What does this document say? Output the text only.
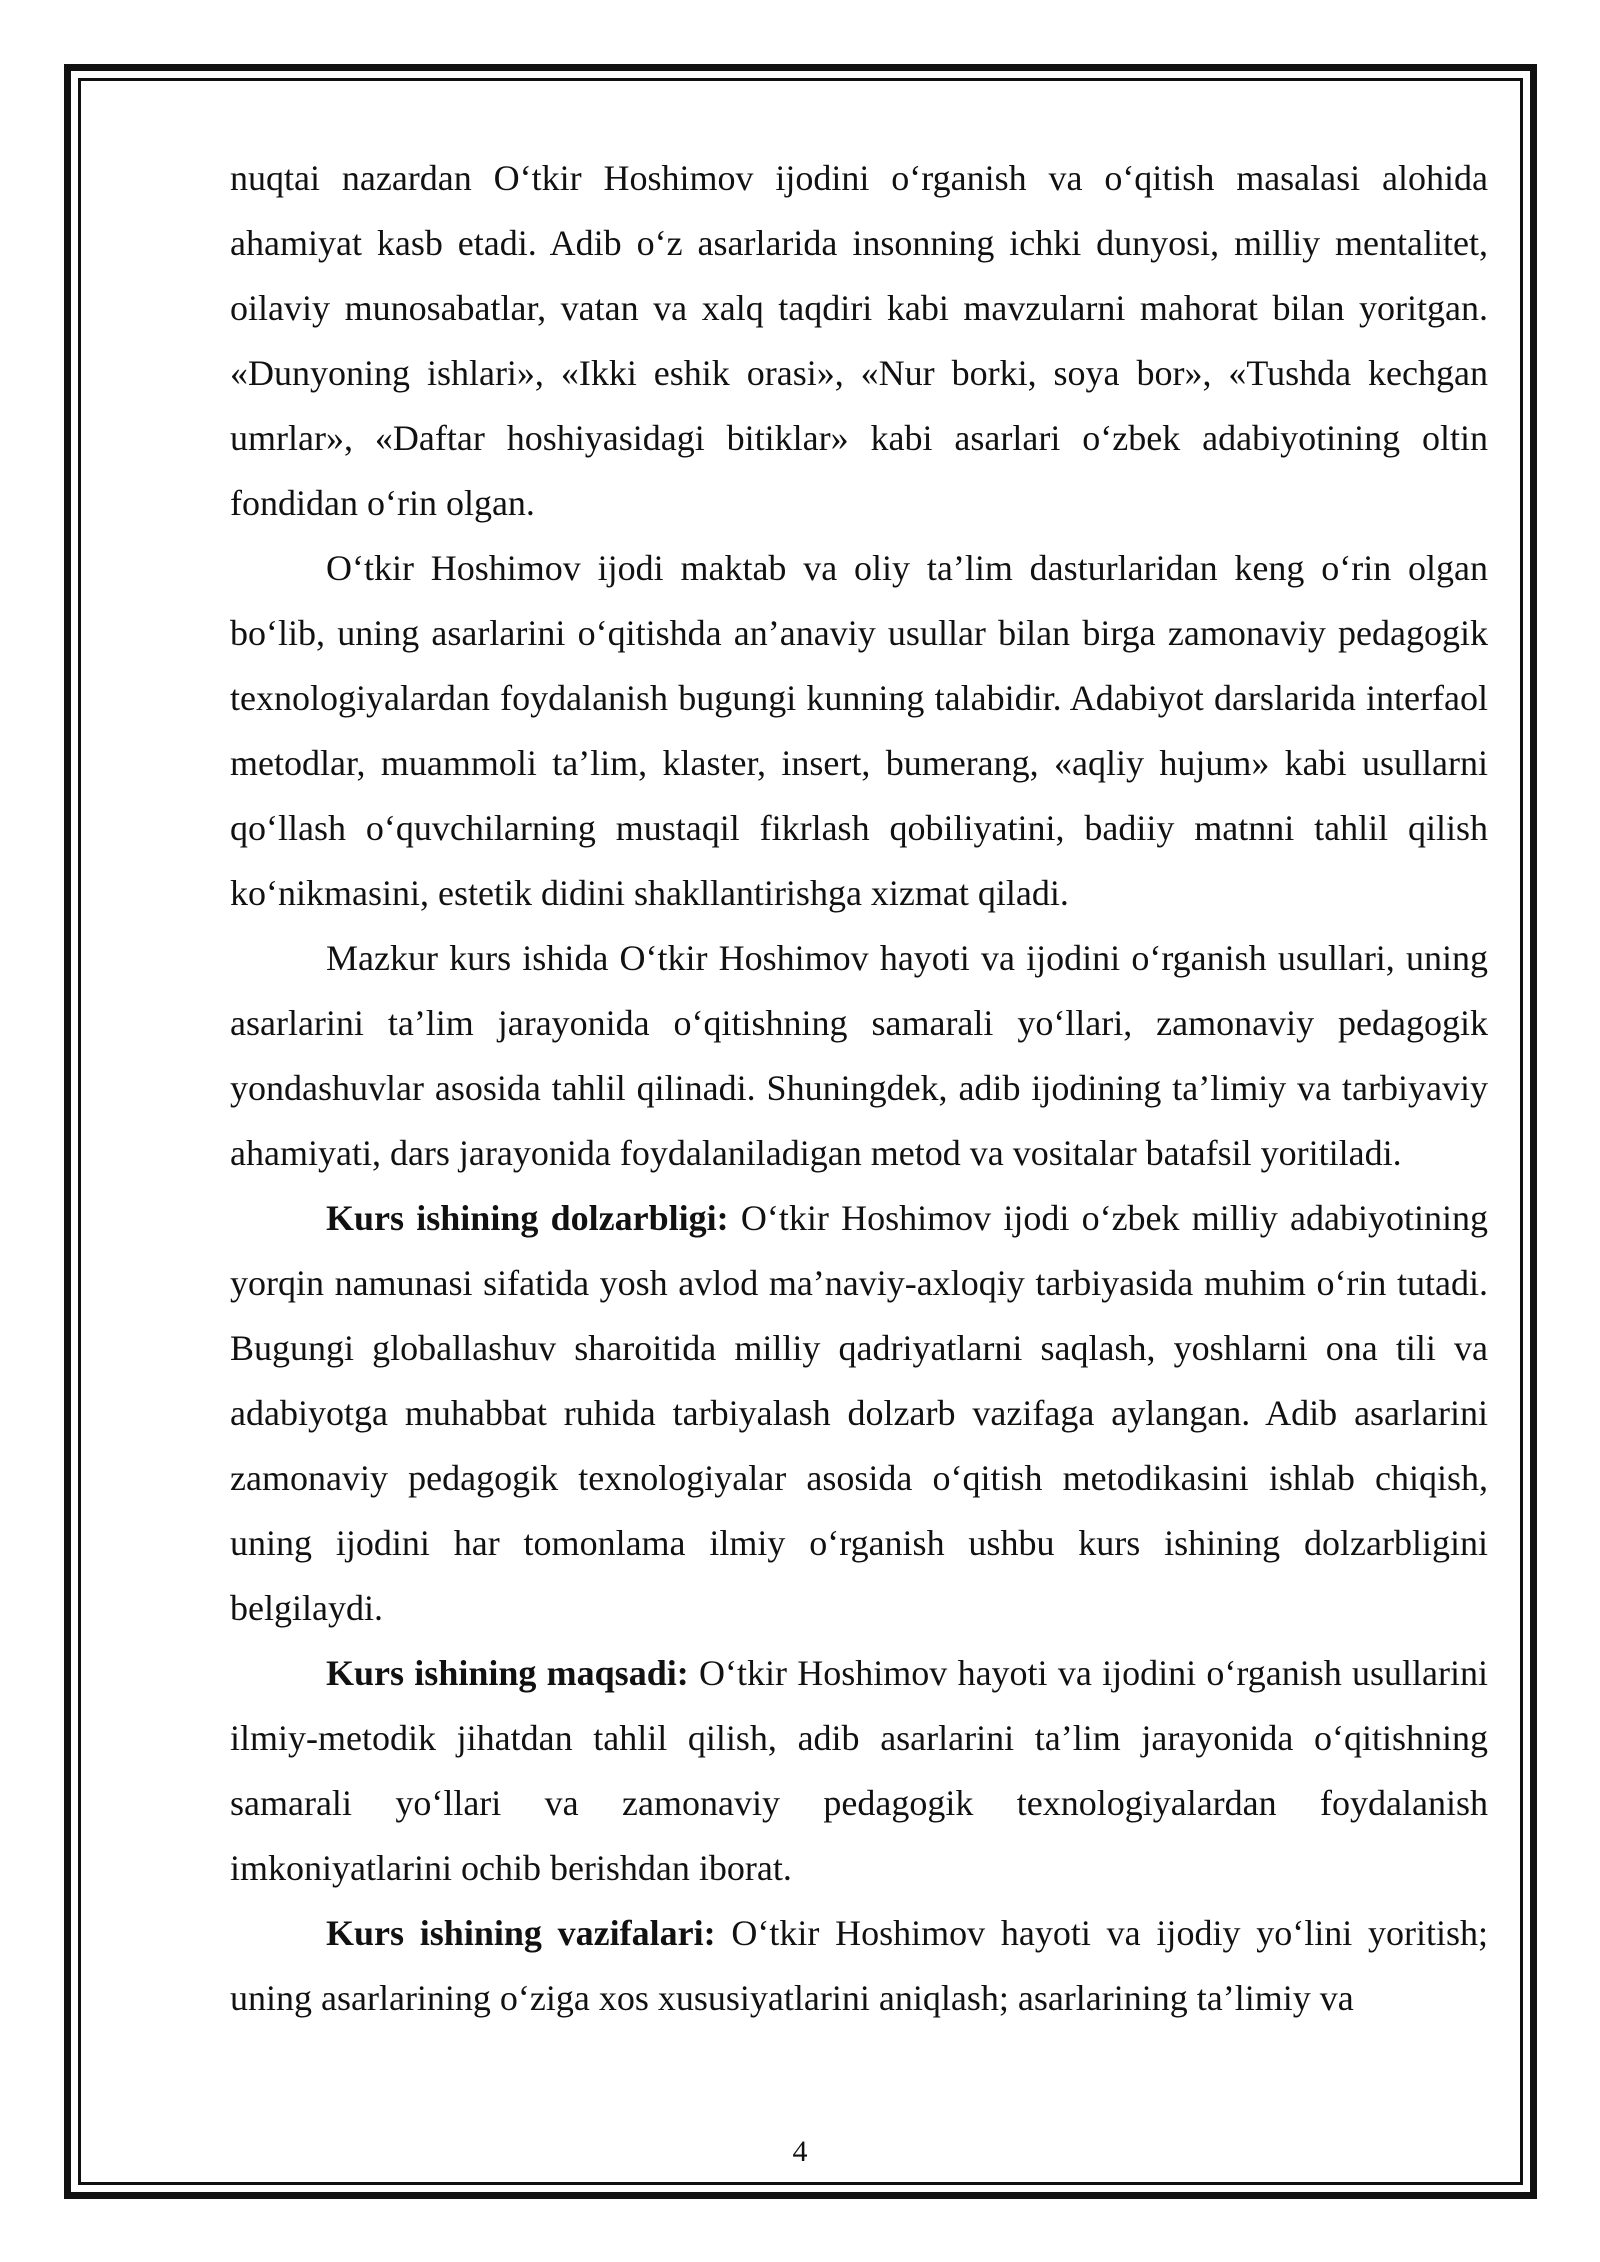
nuqtai nazardan O‘tkir Hoshimov ijodini o‘rganish va o‘qitish masalasi alohida ahamiyat kasb etadi. Adib o‘z asarlarida insonning ichki dunyosi, milliy mentalitet, oilaviy munosabatlar, vatan va xalq taqdiri kabi mavzularni mahorat bilan yoritgan. «Dunyoning ishlari», «Ikki eshik orasi», «Nur borki, soya bor», «Tushda kechgan umrlar», «Daftar hoshiyasidagi bitiklar» kabi asarlari o‘zbek adabiyotining oltin fondidan o‘rin olgan.

O‘tkir Hoshimov ijodi maktab va oliy ta’lim dasturlaridan keng o‘rin olgan bo‘lib, uning asarlarini o‘qitishda an’anaviy usullar bilan birga zamonaviy pedagogik texnologiyalardan foydalanish bugungi kunning talabidir. Adabiyot darslarida interfaol metodlar, muammoli ta’lim, klaster, insert, bumerang, «aqliy hujum» kabi usullarni qo‘llash o‘quvchilarning mustaqil fikrlash qobiliyatini, badiiy matnni tahlil qilish ko‘nikmasini, estetik didini shakllantirishga xizmat qiladi.

Mazkur kurs ishida O‘tkir Hoshimov hayoti va ijodini o‘rganish usullari, uning asarlarini ta’lim jarayonida o‘qitishning samarali yo‘llari, zamonaviy pedagogik yondashuvlar asosida tahlil qilinadi. Shuningdek, adib ijodining ta’limiy va tarbiyaviy ahamiyati, dars jarayonida foydalaniladigan metod va vositalar batafsil yoritiladi.

Kurs ishining dolzarbligi: O‘tkir Hoshimov ijodi o‘zbek milliy adabiyotining yorqin namunasi sifatida yosh avlod ma’naviy-axloqiy tarbiyasida muhim o‘rin tutadi. Bugungi globallashuv sharoitida milliy qadriyatlarni saqlash, yoshlarni ona tili va adabiyotga muhabbat ruhida tarbiyalash dolzarb vazifaga aylangan. Adib asarlarini zamonaviy pedagogik texnologiyalar asosida o‘qitish metodikasini ishlab chiqish, uning ijodini har tomonlama ilmiy o‘rganish ushbu kurs ishining dolzarbligini belgilaydi.

Kurs ishining maqsadi: O‘tkir Hoshimov hayoti va ijodini o‘rganish usullarini ilmiy-metodik jihatdan tahlil qilish, adib asarlarini ta’lim jarayonida o‘qitishning samarali yo‘llari va zamonaviy pedagogik texnologiyalardan foydalanish imkoniyatlarini ochib berishdan iborat.

Kurs ishining vazifalari: O‘tkir Hoshimov hayoti va ijodiy yo‘lini yoritish; uning asarlarining o‘ziga xos xususiyatlarini aniqlash; asarlarining ta’limiy va

4
